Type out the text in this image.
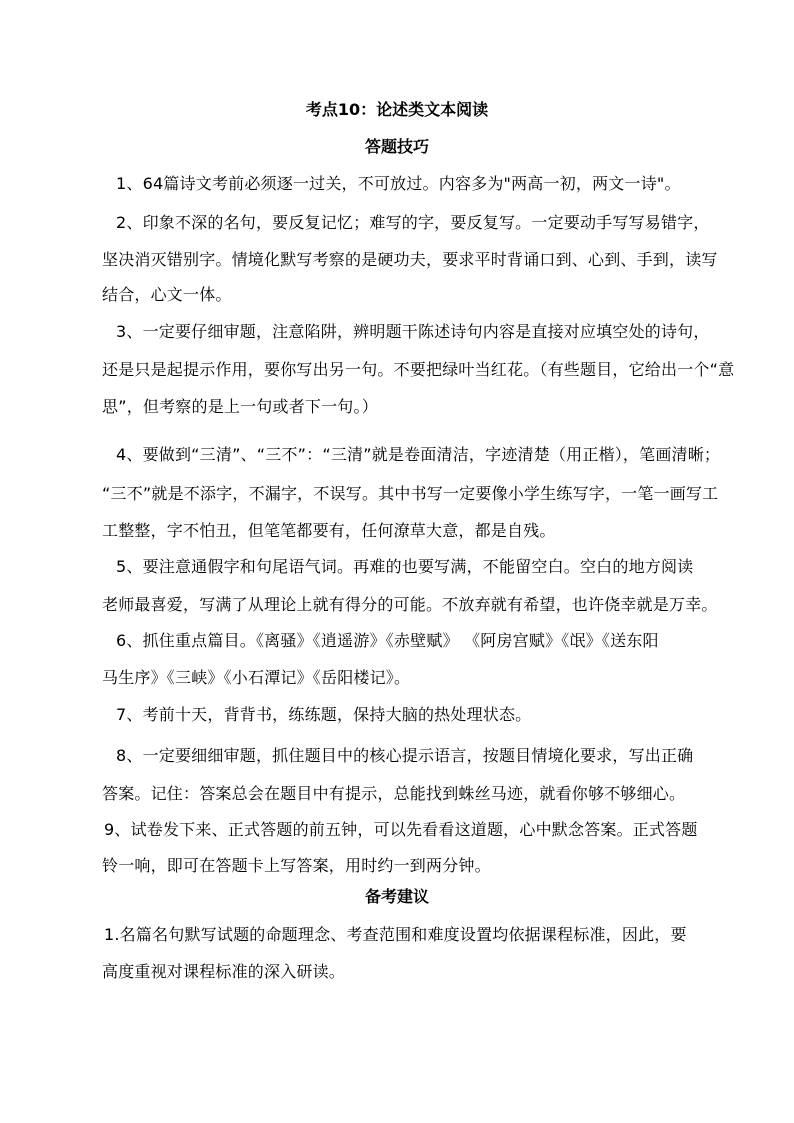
考点10：论述类文本阅读
答题技巧
1、64篇诗文考前必须逐一过关，不可放过。内容多为"两高一初，两文一诗"。
2、印象不深的名句，要反复记忆；难写的字，要反复写。一定要动手写写易错字，
坚决消灭错别字。情境化默写考察的是硬功夫，要求平时背诵口到、心到、手到，读写
结合，心文一体。
3、一定要仔细审题，注意陷阱，辨明题干陈述诗句内容是直接对应填空处的诗句，
还是只是起提示作用，要你写出另一句。不要把绿叶当红花。（有些题目，它给出一个“意
思”，但考察的是上一句或者下一句。）
4、要做到“三清”、“三不”：“三清”就是卷面清洁，字迹清楚（用正楷），笔画清晰；
“三不”就是不添字，不漏字，不误写。其中书写一定要像小学生练写字，一笔一画写工
工整整，字不怕丑，但笔笔都要有，任何潦草大意，都是自残。
5、要注意通假字和句尾语气词。再难的也要写满，不能留空白。空白的地方阅读
老师最喜爱，写满了从理论上就有得分的可能。不放弃就有希望，也许侥幸就是万幸。
6、抓住重点篇目。《离骚》《逍遥游》《赤壁赋》 《阿房宫赋》《氓》《送东阳
马生序》《三峡》《小石潭记》《岳阳楼记》。
7、考前十天，背背书，练练题，保持大脑的热处理状态。
8、一定要细细审题，抓住题目中的核心提示语言，按题目情境化要求，写出正确
答案。记住：答案总会在题目中有提示，总能找到蛛丝马迹，就看你够不够细心。
9、试卷发下来、正式答题的前五钟，可以先看看这道题，心中默念答案。正式答题
铃一响，即可在答题卡上写答案，用时约一到两分钟。
备考建议
1.名篇名句默写试题的命题理念、考查范围和难度设置均依据课程标准，因此，要
高度重视对课程标准的深入研读。
